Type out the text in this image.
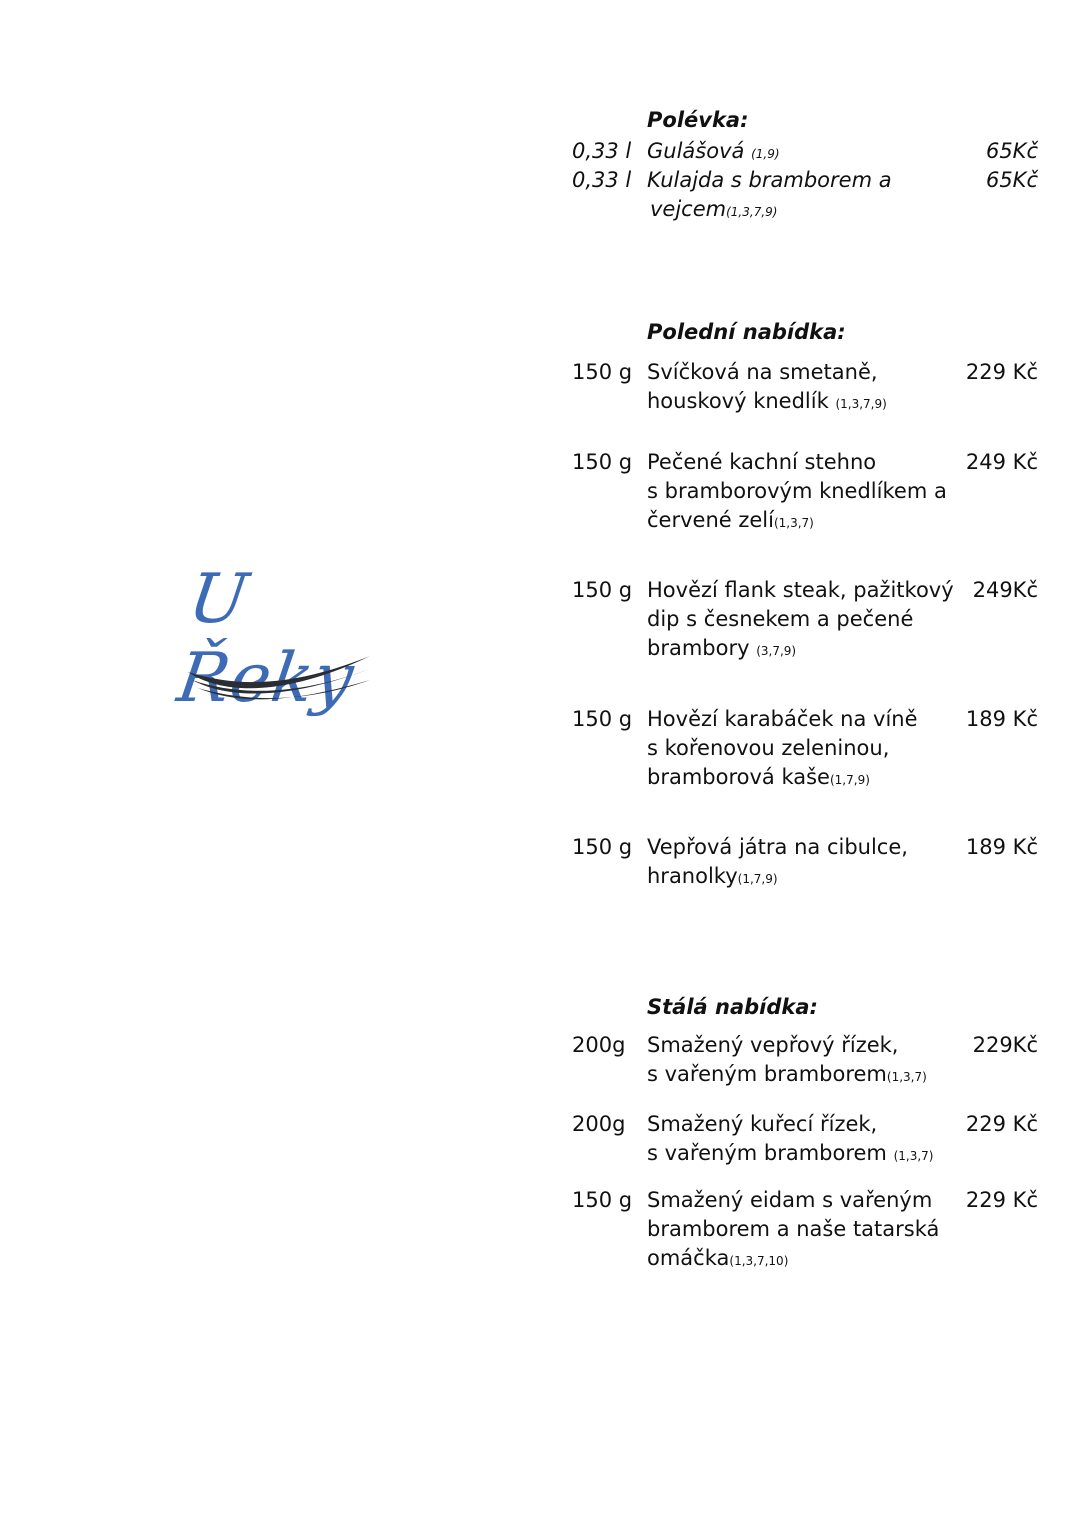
U Řeky
Polévka:
0,33 l Gulášová (1,9)	65Kč
0,33 l Kulajda s bramborem a
vejcem(1,3,7,9)
65Kč
Polední nabídka:
150 g Svíčková na smetaně,
houskový knedlík (1,3,7,9)
229 Kč
150 g Pečené kachní stehno
s bramborovým knedlíkem a
červené zelí(1,3,7)
249 Kč
150 g Hovězí flank steak, pažitkový
dip s česnekem a pečené
brambory (3,7,9)
249Kč
150 g Hovězí karabáček na víně
s kořenovou zeleninou,
bramborová kaše(1,7,9)
189 Kč
150 g Vepřová játra na cibulce,
hranolky(1,7,9)
189 Kč
Stálá nabídka:
200g Smažený vepřový řízek,
s vařeným bramborem(1,3,7)
229Kč
200g Smažený kuřecí řízek,
s vařeným bramborem (1,3,7)
229 Kč
150 g Smažený eidam s vařeným
bramborem a naše tatarská
omáčka(1,3,7,10)
229 Kč
